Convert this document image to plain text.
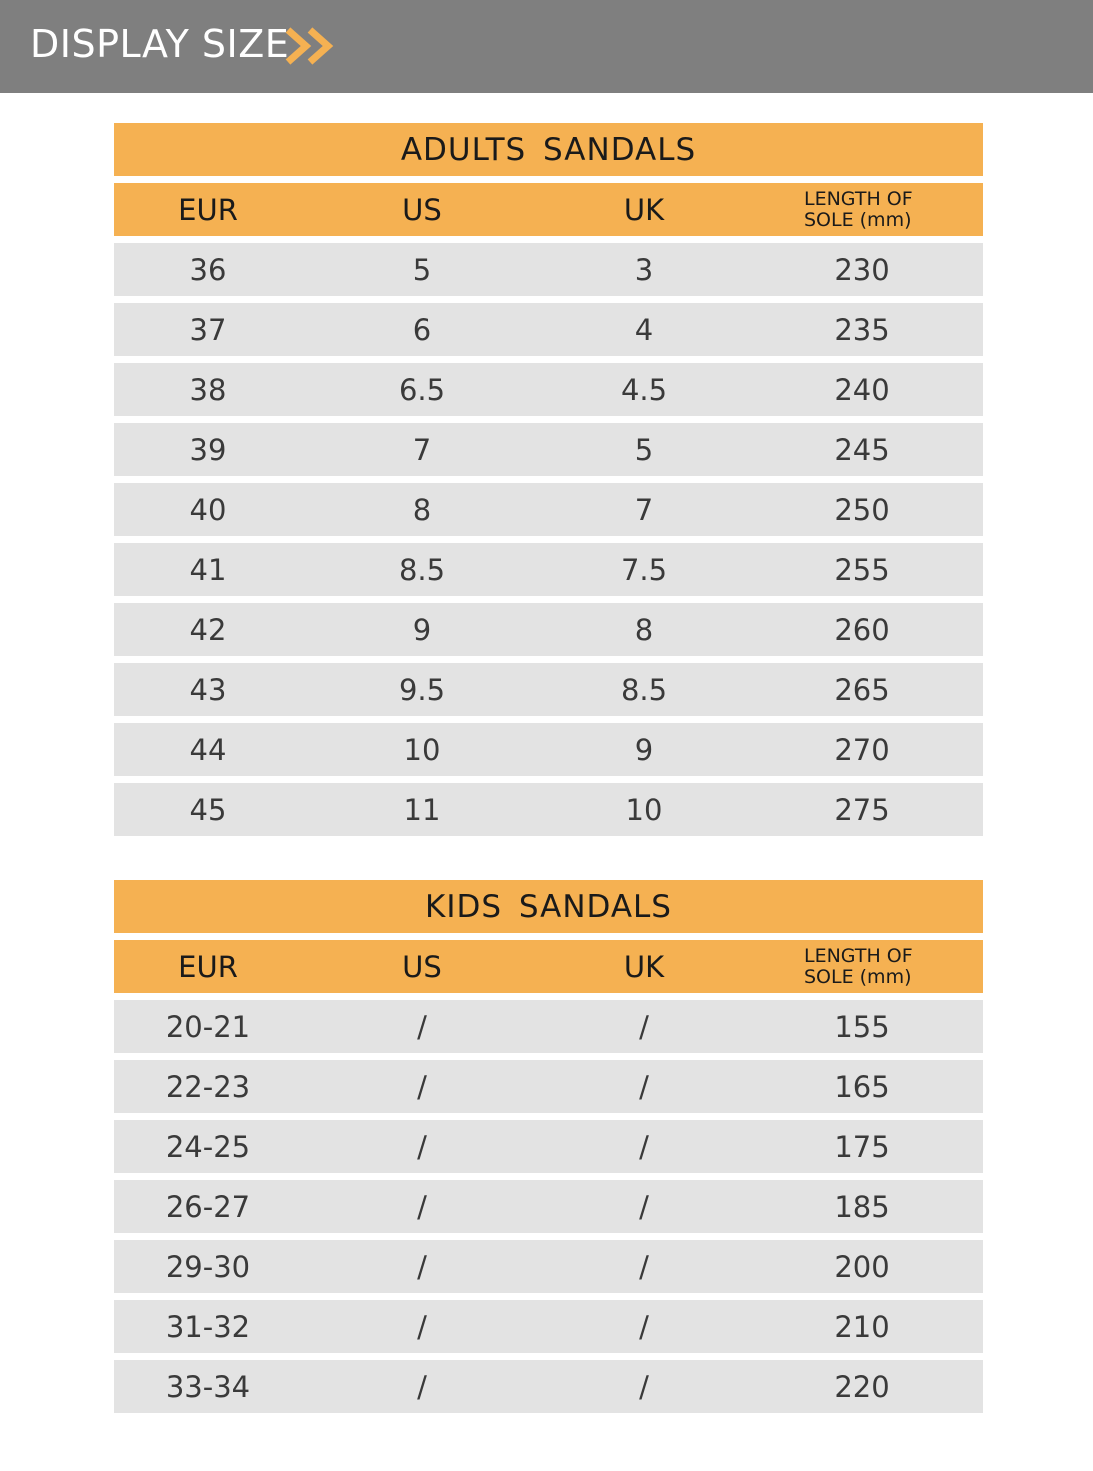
DISPLAY SIZE
ADULTS SANDALS
EUR	US	UK	LENGTH OF
SOLE (mm)
36	5	3	230
37	6	4	235
38	6.5	4.5	240
39	7	5	245
40	8	7	250
41	8.5	7.5	255
42	9	8	260
43	9.5	8.5	265
44	10	9	270
45	11	10	275
KIDS SANDALS
EUR	US	UK	LENGTH OF
SOLE (mm)
20-21	/	/	155
22-23	/	/	165
24-25	/	/	175
26-27	/	/	185
29-30	/	/	200
31-32	/	/	210
33-34	/	/	220
